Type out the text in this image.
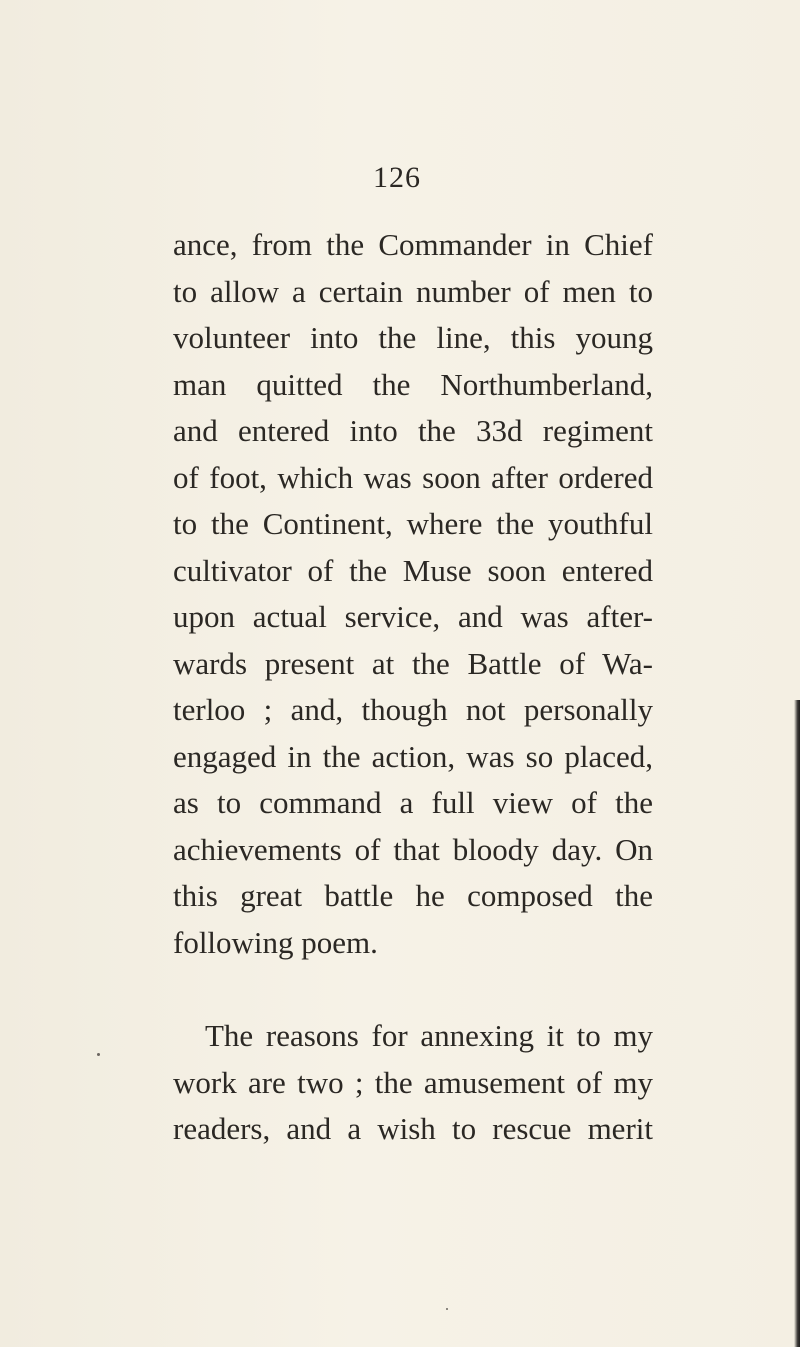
126
ance, from the Commander in Chief
to allow a certain number of men to
volunteer into the line, this young
man quitted the Northumberland,
and entered into the 33d regiment
of foot, which was soon after ordered
to the Continent, where the youthful
cultivator of the Muse soon entered
upon actual service, and was after-
wards present at the Battle of Wa-
terloo ; and, though not personally
engaged in the action, was so placed,
as to command a full view of the
achievements of that bloody day. On
this great battle he composed the
following poem.
The reasons for annexing it to my
work are two ; the amusement of my
readers, and a wish to rescue merit
